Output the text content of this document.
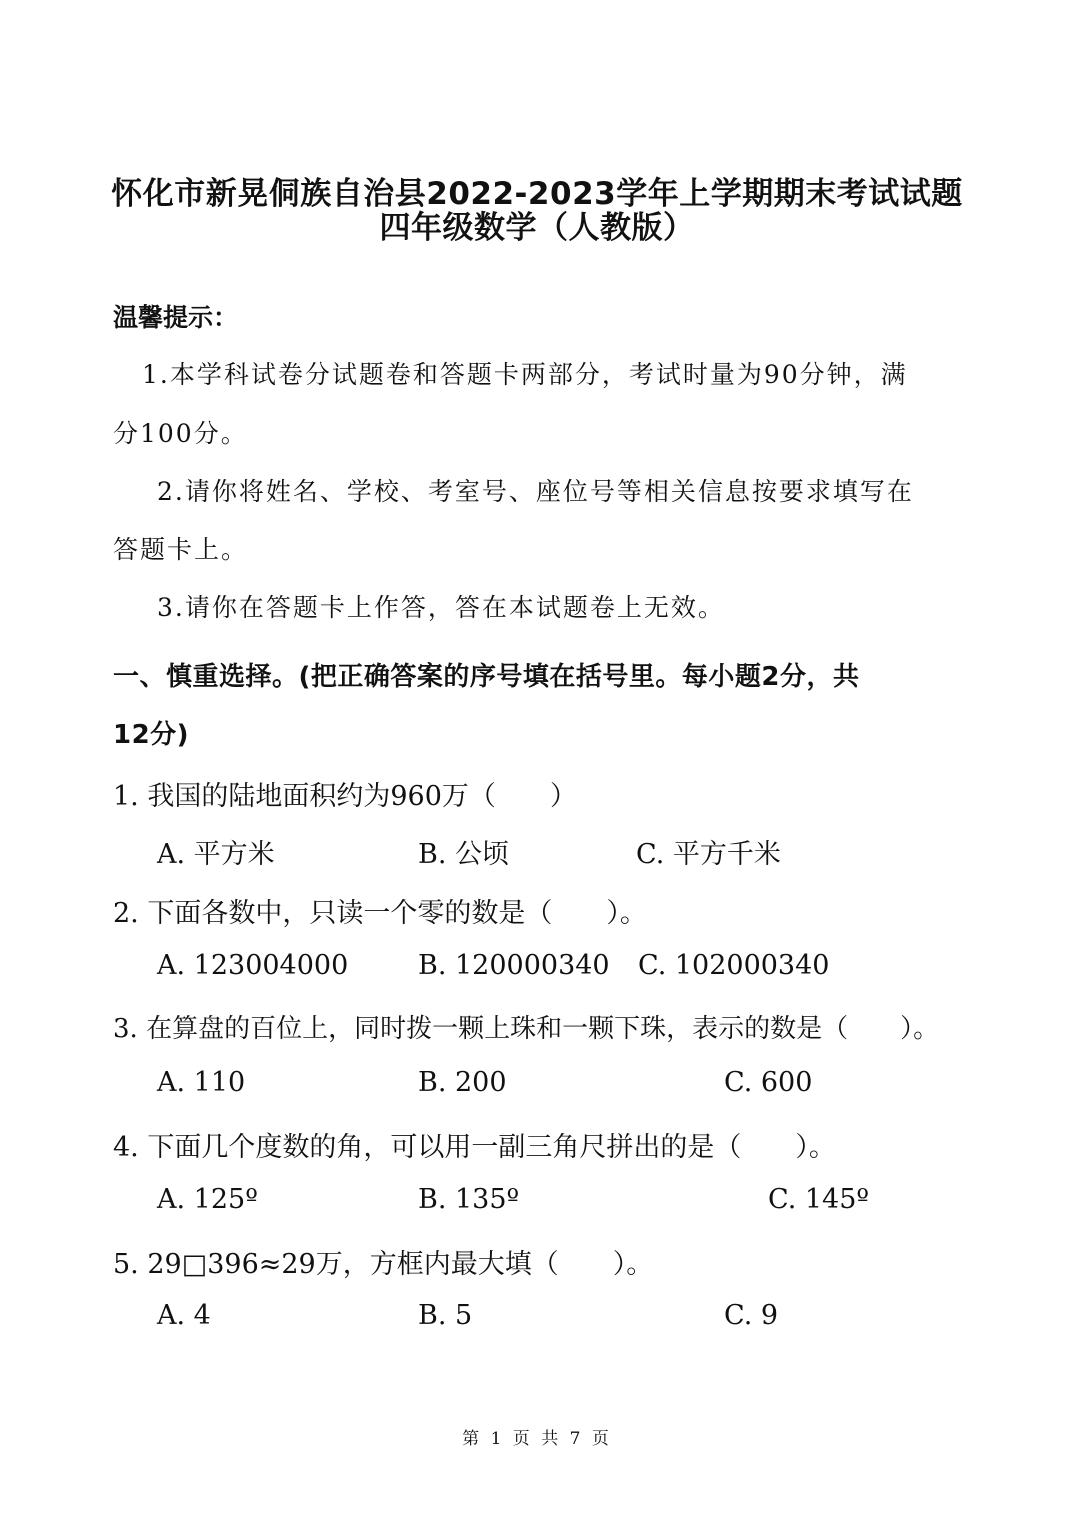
怀化市新晃侗族自治县2022-2023学年上学期期末考试试题
四年级数学（人教版）
温馨提示：
1.本学科试卷分试题卷和答题卡两部分，考试时量为90分钟，满
分100分。
2.请你将姓名、学校、考室号、座位号等相关信息按要求填写在
答题卡上。
3.请你在答题卡上作答，答在本试题卷上无效。
一、慎重选择。(把正确答案的序号填在括号里。每小题2分，共
12分)
1. 我国的陆地面积约为960万（　　）
A. 平方米	B. 公顷	C. 平方千米
2. 下面各数中，只读一个零的数是（　　）。
A. 123004000	B. 120000340 C. 102000340
3. 在算盘的百位上，同时拨一颗上珠和一颗下珠，表示的数是（　　）。
A. 110	B. 200	C. 600
4. 下面几个度数的角，可以用一副三角尺拼出的是（　　）。
A. 125º	B. 135º	C. 145º
5. 29□396≈29万，方框内最大填（　　）。
A. 4	B. 5	C. 9
第 1 页 共 7 页
